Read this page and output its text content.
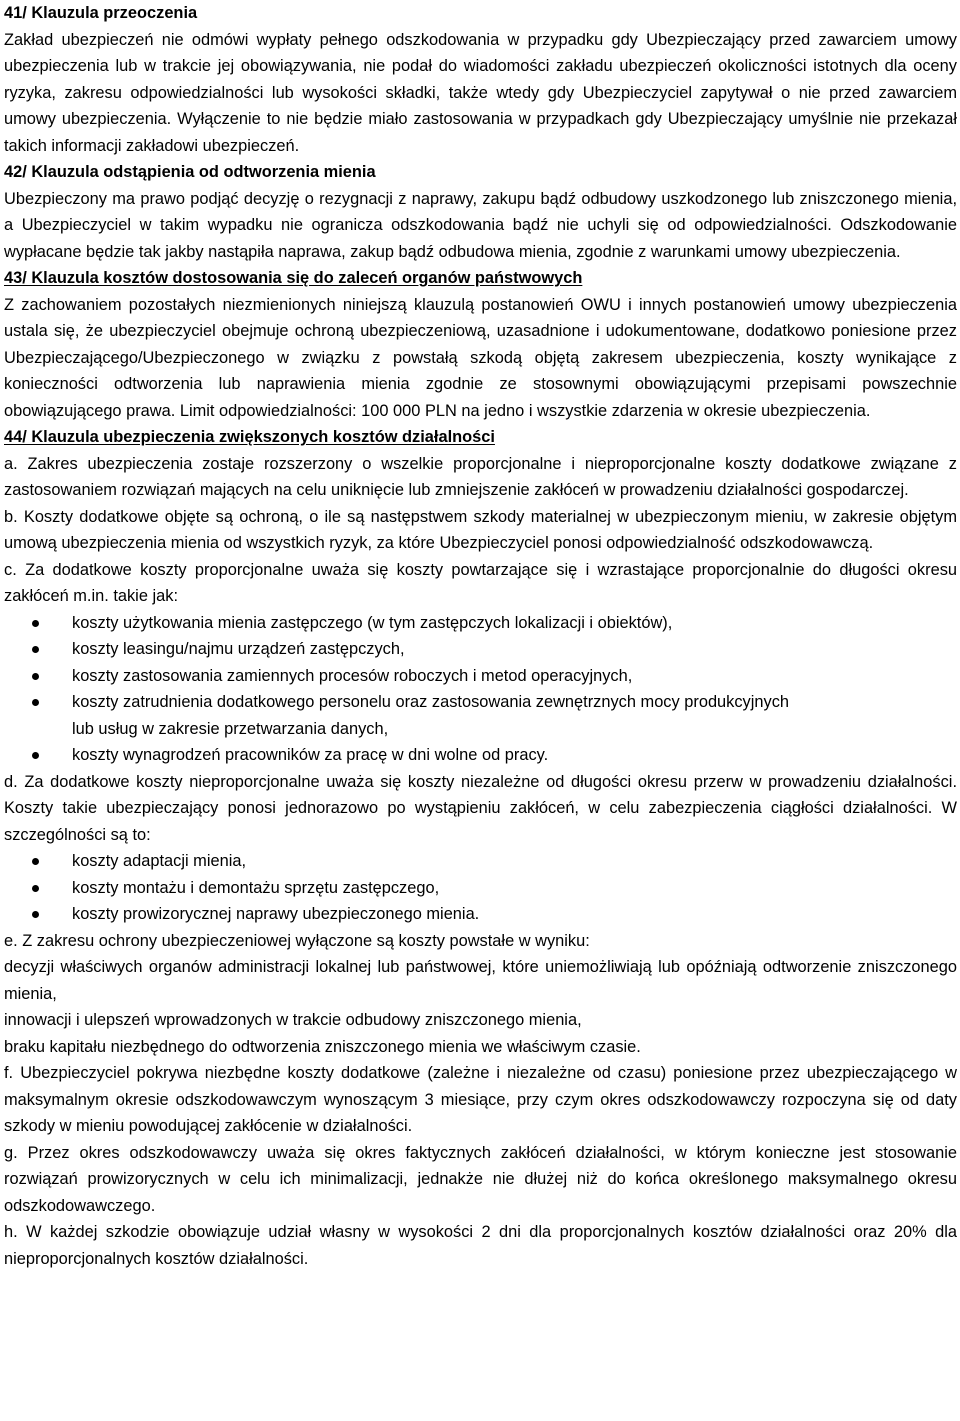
41/ Klauzula przeoczenia

Zakład ubezpieczeń nie odmówi wypłaty pełnego odszkodowania w przypadku gdy Ubezpieczający przed zawarciem umowy ubezpieczenia lub w trakcie jej obowiązywania, nie podał do wiadomości zakładu ubezpieczeń okoliczności istotnych dla oceny ryzyka, zakresu odpowiedzialności lub wysokości składki, także wtedy gdy Ubezpieczyciel zapytywał o nie przed zawarciem umowy ubezpieczenia. Wyłączenie to nie będzie miało zastosowania w przypadkach gdy Ubezpieczający umyślnie nie przekazał takich informacji zakładowi ubezpieczeń.

42/ Klauzula odstąpienia od odtworzenia mienia

Ubezpieczony ma prawo podjąć decyzję o rezygnacji z naprawy, zakupu bądź odbudowy uszkodzonego lub zniszczonego mienia, a Ubezpieczyciel w takim wypadku nie ogranicza odszkodowania bądź nie uchyli się od odpowiedzialności. Odszkodowanie wypłacane będzie tak jakby nastąpiła naprawa, zakup bądź odbudowa mienia, zgodnie z warunkami umowy ubezpieczenia.

43/ Klauzula kosztów dostosowania się do zaleceń organów państwowych

Z zachowaniem pozostałych niezmienionych niniejszą klauzulą postanowień OWU i innych postanowień umowy ubezpieczenia ustala się, że ubezpieczyciel obejmuje ochroną ubezpieczeniową, uzasadnione i udokumentowane, dodatkowo poniesione przez Ubezpieczającego/Ubezpieczonego w związku z powstałą szkodą objętą zakresem ubezpieczenia, koszty wynikające z konieczności odtworzenia lub naprawienia mienia zgodnie ze stosownymi obowiązującymi przepisami powszechnie obowiązującego prawa. Limit odpowiedzialności: 100 000 PLN na jedno i wszystkie zdarzenia w okresie ubezpieczenia.

44/ Klauzula ubezpieczenia zwiększonych kosztów działalności

a. Zakres ubezpieczenia zostaje rozszerzony o wszelkie proporcjonalne i nieproporcjonalne koszty dodatkowe związane z zastosowaniem rozwiązań mających na celu uniknięcie lub zmniejszenie zakłóceń w prowadzeniu działalności gospodarczej.

b. Koszty dodatkowe objęte są ochroną, o ile są następstwem szkody materialnej w ubezpieczonym mieniu, w zakresie objętym umową ubezpieczenia mienia od wszystkich ryzyk, za które Ubezpieczyciel ponosi odpowiedzialność odszkodowawczą.

c. Za dodatkowe koszty proporcjonalne uważa się koszty powtarzające się i wzrastające proporcjonalnie do długości okresu zakłóceń m.in. takie jak:

koszty użytkowania mienia zastępczego (w tym zastępczych lokalizacji i obiektów),
koszty leasingu/najmu urządzeń zastępczych,
koszty zastosowania zamiennych procesów roboczych i metod operacyjnych,
koszty zatrudnienia dodatkowego personelu oraz zastosowania zewnętrznych mocy produkcyjnych lub usług w zakresie przetwarzania danych,
koszty wynagrodzeń pracowników za pracę w dni wolne od pracy.

d. Za dodatkowe koszty nieproporcjonalne uważa się koszty niezależne od długości okresu przerw w prowadzeniu działalności. Koszty takie ubezpieczający ponosi jednorazowo po wystąpieniu zakłóceń, w celu zabezpieczenia ciągłości działalności. W szczególności są to:

koszty adaptacji mienia,
koszty montażu i demontażu sprzętu zastępczego,
koszty prowizorycznej naprawy ubezpieczonego mienia.

e. Z zakresu ochrony ubezpieczeniowej wyłączone są koszty powstałe w wyniku:

decyzji właściwych organów administracji lokalnej lub państwowej, które uniemożliwiają lub opóźniają odtworzenie zniszczonego mienia,

innowacji i ulepszeń wprowadzonych w trakcie odbudowy zniszczonego mienia,

braku kapitału niezbędnego do odtworzenia zniszczonego mienia we właściwym czasie.

f. Ubezpieczyciel pokrywa niezbędne koszty dodatkowe (zależne i niezależne od czasu) poniesione przez ubezpieczającego w maksymalnym okresie odszkodowawczym wynoszącym 3 miesiące, przy czym okres odszkodowawczy rozpoczyna się od daty szkody w mieniu powodującej zakłócenie w działalności.

g. Przez okres odszkodowawczy uważa się okres faktycznych zakłóceń działalności, w którym konieczne jest stosowanie rozwiązań prowizorycznych w celu ich minimalizacji, jednakże nie dłużej niż do końca określonego maksymalnego okresu odszkodowawczego.

h. W każdej szkodzie obowiązuje udział własny w wysokości 2 dni dla proporcjonalnych kosztów działalności oraz 20% dla nieproporcjonalnych kosztów działalności.
